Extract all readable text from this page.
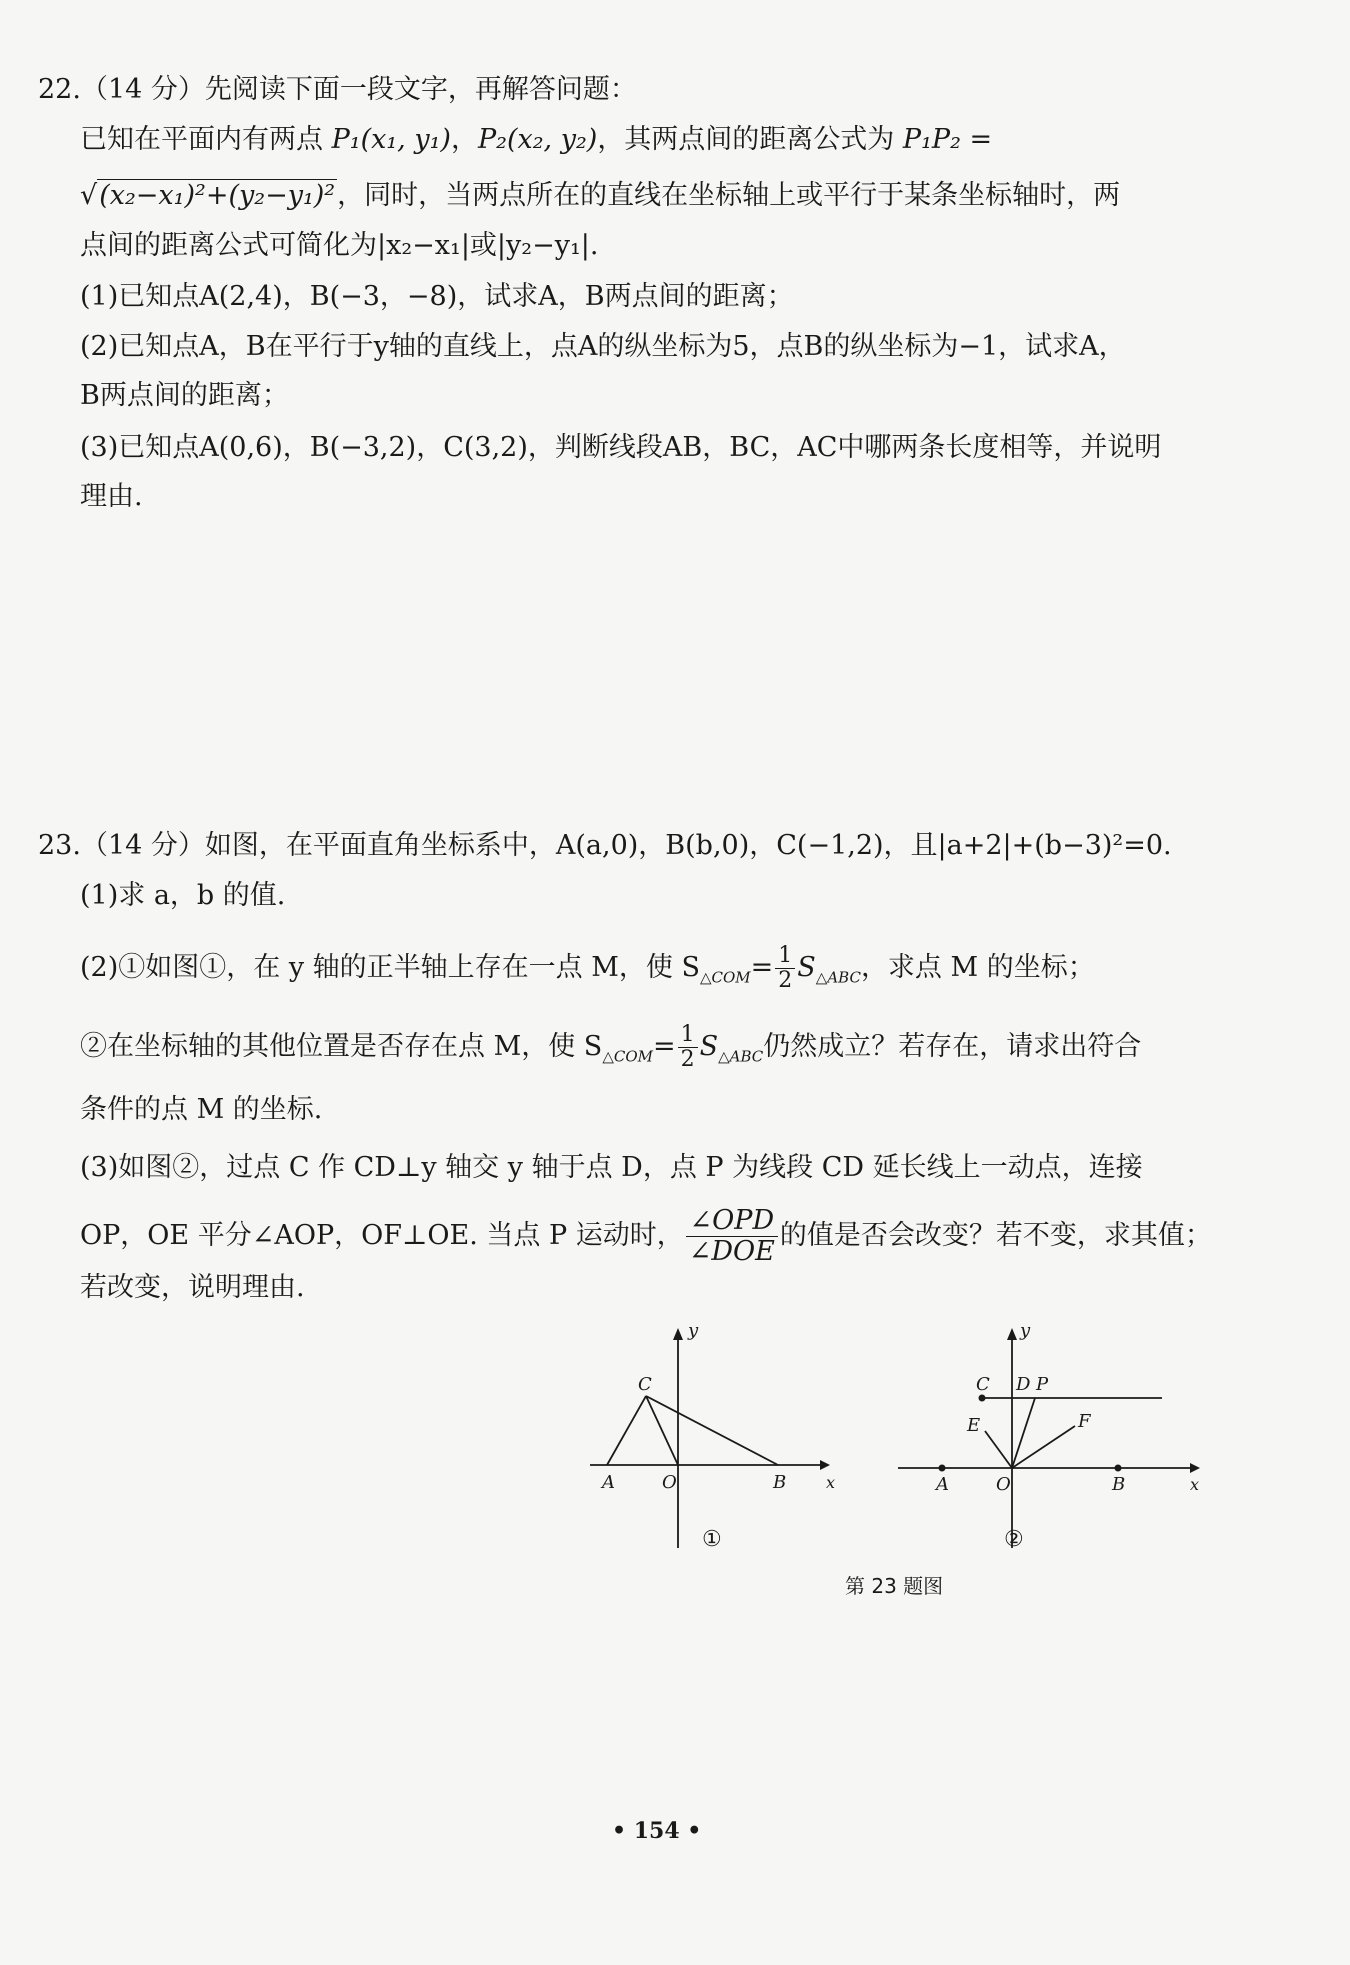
22.（14 分）先阅读下面一段文字，再解答问题：
已知在平面内有两点 P₁(x₁, y₁)，P₂(x₂, y₂)，其两点间的距离公式为 P₁P₂ =
√(x₂−x₁)²+(y₂−y₁)²，同时，当两点所在的直线在坐标轴上或平行于某条坐标轴时，两
点间的距离公式可简化为|x₂−x₁|或|y₂−y₁|.
(1)已知点A(2,4)，B(−3，−8)，试求A，B两点间的距离；
(2)已知点A，B在平行于y轴的直线上，点A的纵坐标为5，点B的纵坐标为−1，试求A，
B两点间的距离；
(3)已知点A(0,6)，B(−3,2)，C(3,2)，判断线段AB，BC，AC中哪两条长度相等，并说明
理由.
23.（14 分）如图，在平面直角坐标系中，A(a,0)，B(b,0)，C(−1,2)，且|a+2|+(b−3)²=0.
(1)求 a，b 的值.
(2)①如图①，在 y 轴的正半轴上存在一点 M，使 $S_{\triangle COM}= \frac{1}{2} S_{\triangle ABC}$，求点 M 的坐标；
②在坐标轴的其他位置是否存在点 M，使 $S_{\triangle COM}= \frac{1}{2} S_{\triangle ABC}$仍然成立？若存在，请求出符合
条件的点 M 的坐标.
(3)如图②，过点 C 作 CD⊥y 轴交 y 轴于点 D，点 P 为线段 CD 延长线上一动点，连接
OP，OE 平分∠AOP，OF⊥OE. 当点 P 运动时， $\frac{\text{∠OPD}}{\text{∠DOE}}$ 的值是否会改变？若不变，求其值；
若改变，说明理由.
y
x
C
A	O	B
①
y
x
C D P
E	F
A	O	B
②
第 23 题图
• 154 •
